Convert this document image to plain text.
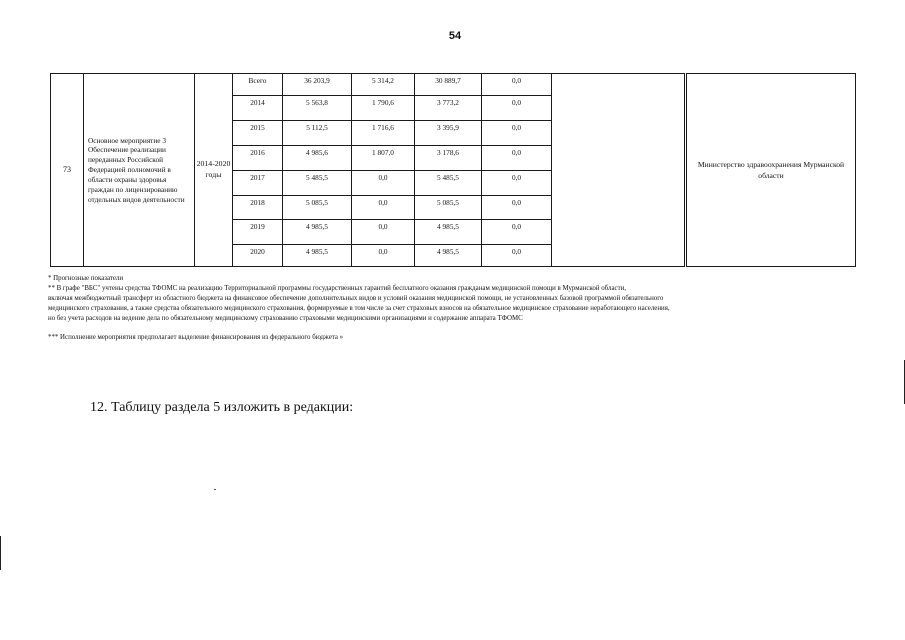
54
73	Основное мероприятие 3 Обеспечение реализации переданных Российской Федерацией полномочий в области охраны здоровья граждан по лицензированию отдельных видов деятельности	2014-2020 годы	Всего	36 203,9	5 314,2	30 889,7	0,0		Министерство здравоохранения Мурманской области
			2014	5 563,8	1 790,6	3 773,2	0,0		
			2015	5 112,5	1 716,6	3 395,9	0,0		
			2016	4 985,6	1 807,0	3 178,6	0,0		
			2017	5 485,5	0,0	5 485,5	0,0		
			2018	5 085,5	0,0	5 085,5	0,0		
			2019	4 985,5	0,0	4 985,5	0,0		
			2020	4 985,5	0,0	4 985,5	0,0		

* Прогнозные показатели

** В графе "ВБС" учтены средства ТФОМС на реализацию Территориальной программы государственных гарантий бесплатного оказания гражданам медицинской помощи в Мурманской области,

включая межбюджетный трансферт из областного бюджета на финансовое обеспечение дополнительных видов и условий оказания медицинской помощи, не установленных базовой программой обязательного

медицинского страхования, а также средства обязательного медицинского страхования, формируемые в том числе за счет страховых взносов на обязательное медицинское страхование неработающего населения,

но без учета расходов на ведение дела по обязательному медицинскому страхованию страховыми медицинскими организациями и содержание аппарата ТФОМС

*** Исполнение мероприятия предполагает выделение финансирования из федерального бюджета »

12. Таблицу раздела 5 изложить в редакции:
